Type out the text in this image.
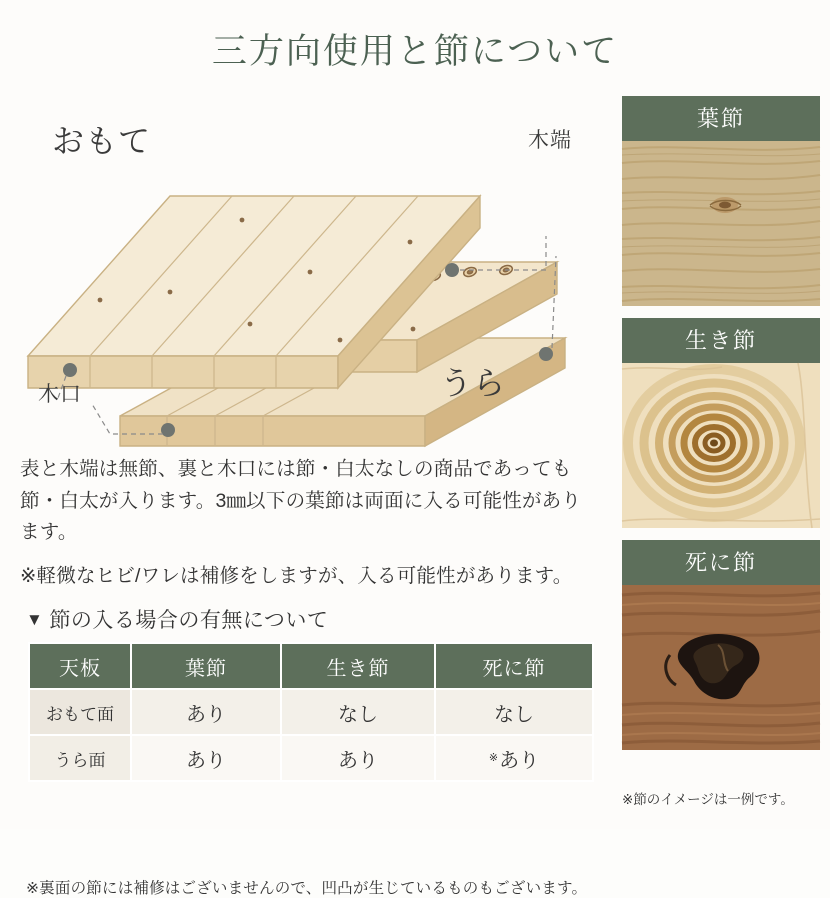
三方向使用と節について
おもて
うら
木端
木口
表と木端は無節、裏と木口には節・白太なしの商品であっても節・白太が入ります。3㎜以下の葉節は両面に入る可能性があります。
※軽微なヒビ/ワレは補修をしますが、入る可能性があります。
▼ 節の入る場合の有無について
天板	葉節	生き節	死に節
おもて面	あり	なし	なし
うら面	あり	あり	※あり
※裏面の節には補修はございませんので、凹凸が生じているものもございます。
葉節
生き節
死に節
※節のイメージは一例です。
